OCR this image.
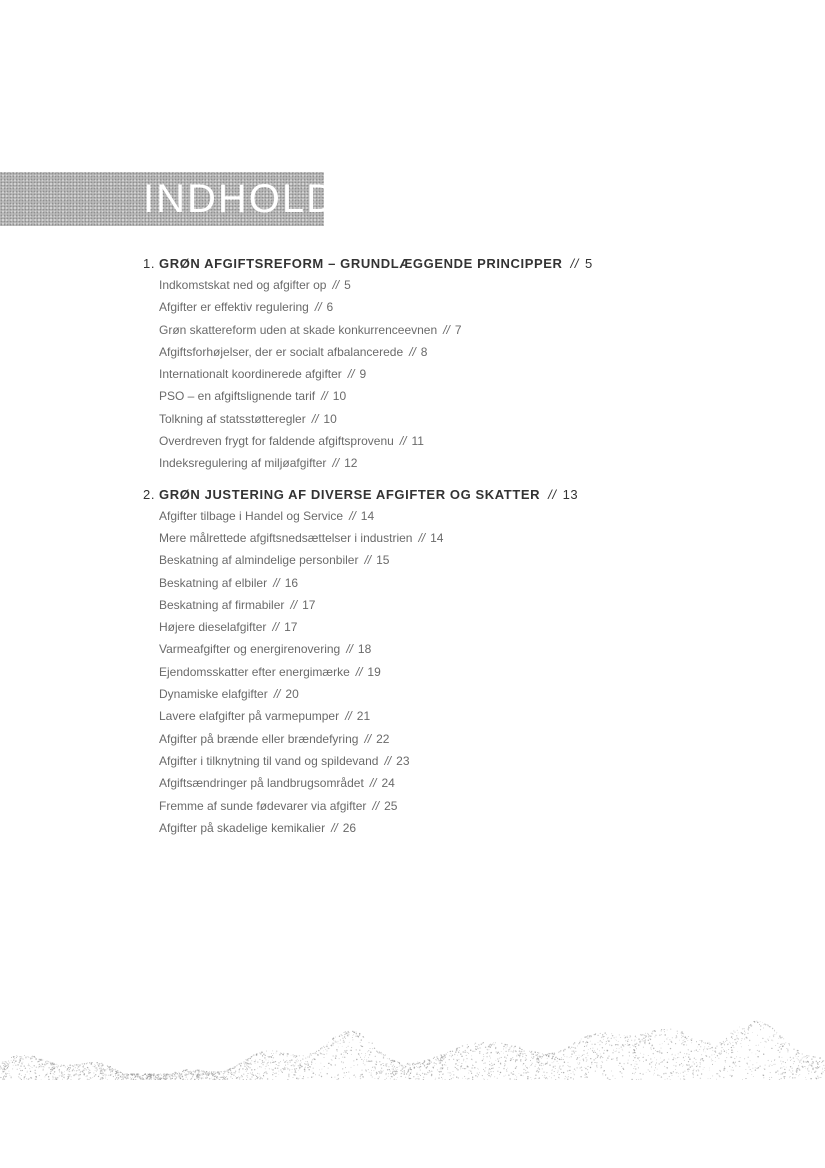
INDHOLD
1. GRØN AFGIFTSREFORM – GRUNDLÆGGENDE PRINCIPPER // 5
Indkomstskat ned og afgifter op // 5
Afgifter er effektiv regulering // 6
Grøn skattereform uden at skade konkurrenceevnen // 7
Afgiftsforhøjelser, der er socialt afbalancerede // 8
Internationalt koordinerede afgifter // 9
PSO – en afgiftslignende tarif // 10
Tolkning af statsstøtteregler // 10
Overdreven frygt for faldende afgiftsprovenu // 11
Indeksregulering af miljøafgifter // 12
2. GRØN JUSTERING AF DIVERSE AFGIFTER OG SKATTER // 13
Afgifter tilbage i Handel og Service // 14
Mere målrettede afgiftsnedsættelser i industrien // 14
Beskatning af almindelige personbiler // 15
Beskatning af elbiler // 16
Beskatning af firmabiler // 17
Højere dieselafgifter // 17
Varmeafgifter og energirenovering // 18
Ejendomsskatter efter energimærke // 19
Dynamiske elafgifter // 20
Lavere elafgifter på varmepumper // 21
Afgifter på brænde eller brændefyring // 22
Afgifter i tilknytning til vand og spildevand // 23
Afgiftsændringer på landbrugsområdet // 24
Fremme af sunde fødevarer via afgifter // 25
Afgifter på skadelige kemikalier // 26
